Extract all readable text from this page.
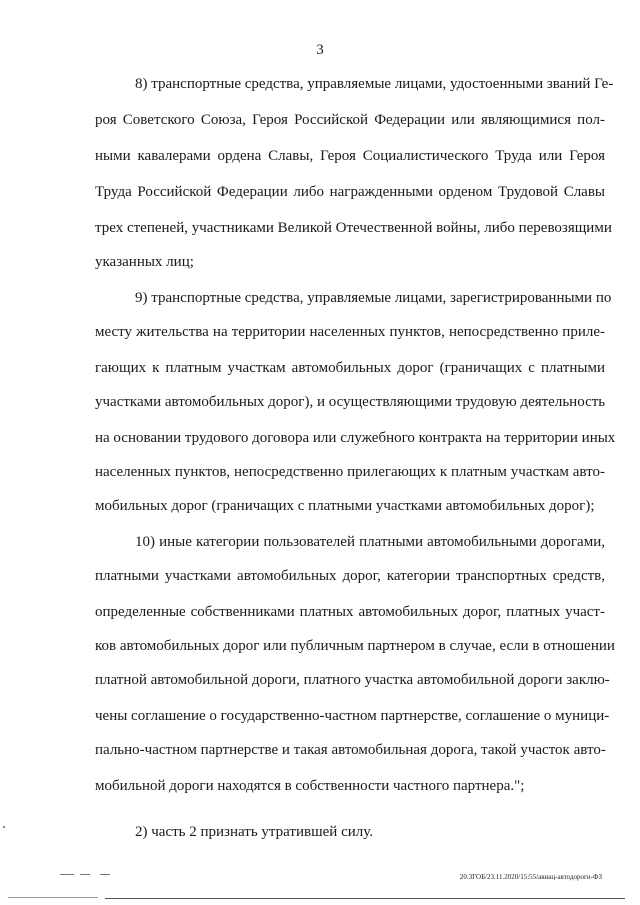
3
8) транспортные средства, управляемые лицами, удостоенными званий Ге-
роя Советского Союза, Героя Российской Федерации или являющимися пол-
ными кавалерами ордена Славы, Героя Социалистического Труда или Героя
Труда Российской Федерации либо награжденными орденом Трудовой Славы
трех степеней, участниками Великой Отечественной войны, либо перевозящими
указанных лиц;
9) транспортные средства, управляемые лицами, зарегистрированными по
месту жительства на территории населенных пунктов, непосредственно приле-
гающих к платным участкам автомобильных дорог (граничащих с платными
участками автомобильных дорог), и осуществляющими трудовую деятельность
на основании трудового договора или служебного контракта на территории иных
населенных пунктов, непосредственно прилегающих к платным участкам авто-
мобильных дорог (граничащих с платными участками автомобильных дорог);
10) иные категории пользователей платными автомобильными дорогами,
платными участками автомобильных дорог, категории транспортных средств,
определенные собственниками платных автомобильных дорог, платных участ-
ков автомобильных дорог или публичным партнером в случае, если в отношении
платной автомобильной дороги, платного участка автомобильной дороги заклю-
чены соглашение о государственно-частном партнерстве, соглашение о муници-
пально-частном партнерстве и такая автомобильная дорога, такой участок авто-
мобильной дороги находятся в собственности частного партнера.";
2) часть 2 признать утратившей силу.
20.3ГОБ/23.11.2020/15:55/авиац-автодороги-ФЗ
